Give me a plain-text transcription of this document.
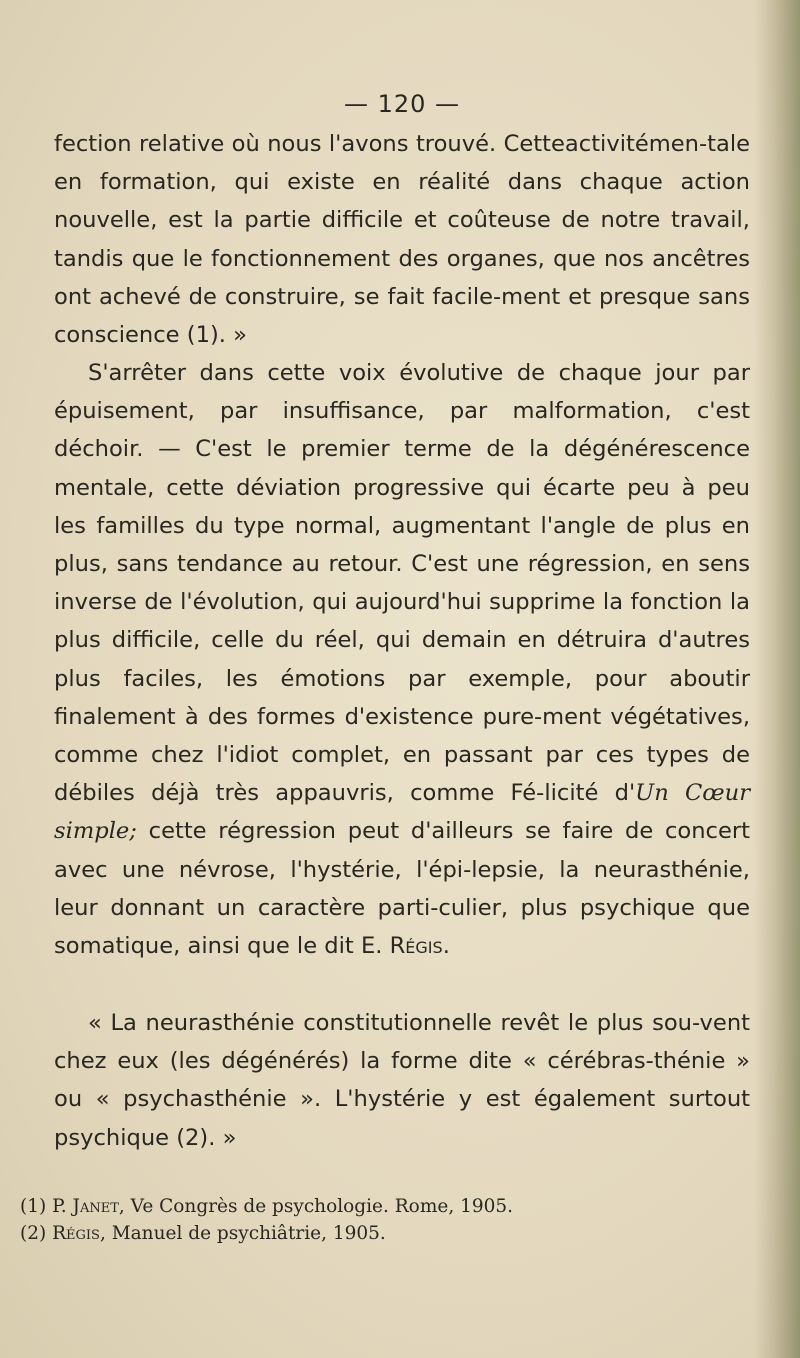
— 120 —

fection relative où nous l'avons trouvé. Cetteactivitémen-tale en formation, qui existe en réalité dans chaque action nouvelle, est la partie difficile et coûteuse de notre travail, tandis que le fonctionnement des organes, que nos ancêtres ont achevé de construire, se fait facile-ment et presque sans conscience (1). »

S'arrêter dans cette voix évolutive de chaque jour par épuisement, par insuffisance, par malformation, c'est déchoir. — C'est le premier terme de la dégénérescence mentale, cette déviation progressive qui écarte peu à peu les familles du type normal, augmentant l'angle de plus en plus, sans tendance au retour. C'est une régression, en sens inverse de l'évolution, qui aujourd'hui supprime la fonction la plus difficile, celle du réel, qui demain en détruira d'autres plus faciles, les émotions par exemple, pour aboutir finalement à des formes d'existence pure-ment végétatives, comme chez l'idiot complet, en passant par ces types de débiles déjà très appauvris, comme Fé-licité d'Un Cœur simple; cette régression peut d'ailleurs se faire de concert avec une névrose, l'hystérie, l'épi-lepsie, la neurasthénie, leur donnant un caractère parti-culier, plus psychique que somatique, ainsi que le dit E. Régis.

« La neurasthénie constitutionnelle revêt le plus sou-vent chez eux (les dégénérés) la forme dite « cérébras-thénie » ou « psychasthénie ». L'hystérie y est également surtout psychique (2). »

(1) P. Janet, Ve Congrès de psychologie. Rome, 1905.

(2) Régis, Manuel de psychiâtrie, 1905.
